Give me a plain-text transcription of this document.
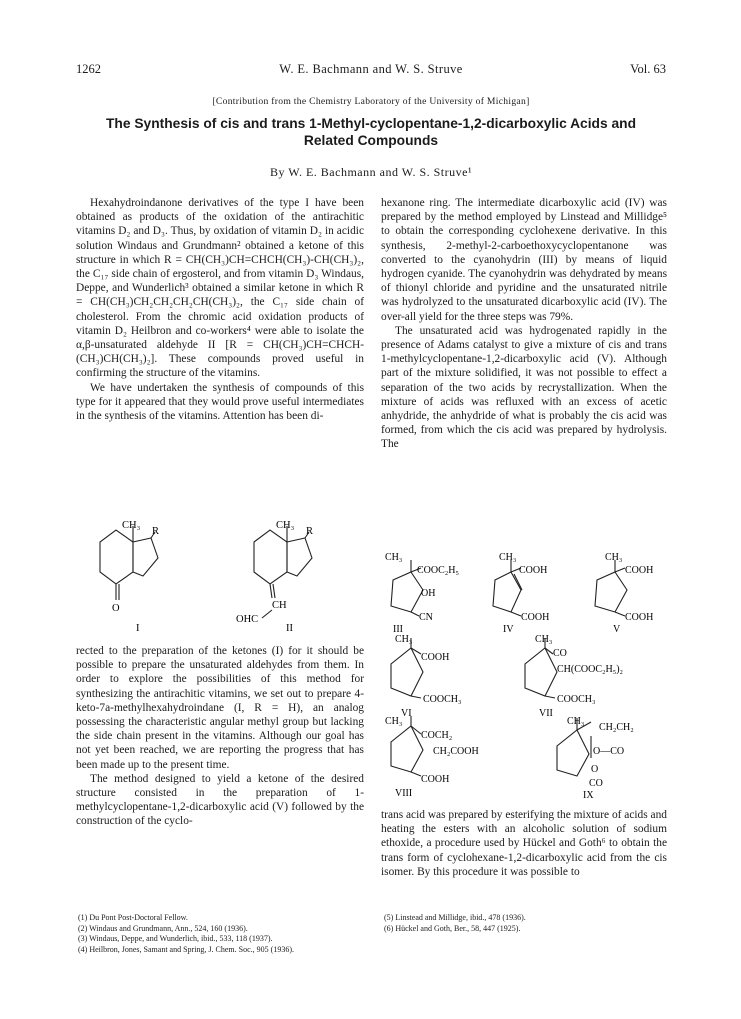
1262	W. E. Bachmann and W. S. Struve	Vol. 63
[Contribution from the Chemistry Laboratory of the University of Michigan]
The Synthesis of cis and trans 1-Methyl-cyclopentane-1,2-dicarboxylic Acids and
Related Compounds
By W. E. Bachmann and W. S. Struve¹

Hexahydroindanone derivatives of the type I have been obtained as products of the oxidation of the antirachitic vitamins D₂ and D₃. Thus, by oxidation of vitamin D₂ in acidic solution Windaus and Grundmann² obtained a ketone of this structure in which R = CH(CH₃)CH=CHCH(CH₃)-CH(CH₃)₂, the C₁₇ side chain of ergosterol, and from vitamin D₃ Windaus, Deppe, and Wunderlich³ obtained a similar ketone in which R = CH(CH₃)CH₂CH₂CH₂CH(CH₃)₂, the C₁₇ side chain of cholesterol. From the chromic acid oxidation products of vitamin D₂ Heilbron and co-workers⁴ were able to isolate the α,β-unsaturated aldehyde II [R = CH(CH₃)CH=CHCH-(CH₃)CH(CH₃)₂]. These compounds proved useful in confirming the structure of the vitamins.

We have undertaken the synthesis of compounds of this type for it appeared that they would prove useful intermediates in the synthesis of the vitamins. Attention has been di-

CH₃
R
O
I
CH₃
R
CH
OHC
II

rected to the preparation of the ketones (I) for it should be possible to prepare the unsaturated aldehydes from them. In order to explore the possibilities of this method for synthesizing the antirachitic vitamins, we set out to prepare 4-keto-7a-methylhexahydroindane (I, R = H), an analog possessing the characteristic angular methyl group but lacking the side chain present in the vitamins. Although our goal has not yet been reached, we are reporting the progress that has been made up to the present time.

The method designed to yield a ketone of the desired structure consisted in the preparation of 1-methylcyclopentane-1,2-dicarboxylic acid (V) followed by the construction of the cyclo-

(1) Du Pont Post-Doctoral Fellow.
(2) Windaus and Grundmann, Ann., 524, 160 (1936).
(3) Windaus, Deppe, and Wunderlich, ibid., 533, 118 (1937).
(4) Heilbron, Jones, Samant and Spring, J. Chem. Soc., 905 (1936).

hexanone ring. The intermediate dicarboxylic acid (IV) was prepared by the method employed by Linstead and Millidge⁵ to obtain the corresponding cyclohexene derivative. In this synthesis, 2-methyl-2-carboethoxycyclopentanone was converted to the cyanohydrin (III) by means of liquid hydrogen cyanide. The cyanohydrin was dehydrated by means of thionyl chloride and pyridine and the unsaturated nitrile was hydrolyzed to the unsaturated dicarboxylic acid (IV). The over-all yield for the three steps was 79%.

The unsaturated acid was hydrogenated rapidly in the presence of Adams catalyst to give a mixture of cis and trans 1-methylcyclopentane-1,2-dicarboxylic acid (V). Although part of the mixture solidified, it was not possible to effect a separation of the two acids by recrystallization. When the mixture of acids was refluxed with an excess of acetic anhydride, the anhydride of what is probably the cis acid was formed, from which the cis acid was prepared by hydrolysis. The

CH₃
COOC₂H₅
OH
CN
III
CH₃
COOH
COOH
IV
CH₃
COOH
COOH
V
CH₃
COOH
COOCH₃
VI
CH₃
CO
CH(COOC₂H₅)₂
COOCH₃
VII
CH₃
COCH₂
CH₂COOH
COOH
VIII
CH₃
CH₂CH₂
O—CO
O
CO
IX

trans acid was prepared by esterifying the mixture of acids and heating the esters with an alcoholic solution of sodium ethoxide, a procedure used by Hückel and Goth⁶ to obtain the trans form of cyclohexane-1,2-dicarboxylic acid from the cis isomer. By this procedure it was possible to

(5) Linstead and Millidge, ibid., 478 (1936).
(6) Hückel and Goth, Ber., 58, 447 (1925).
